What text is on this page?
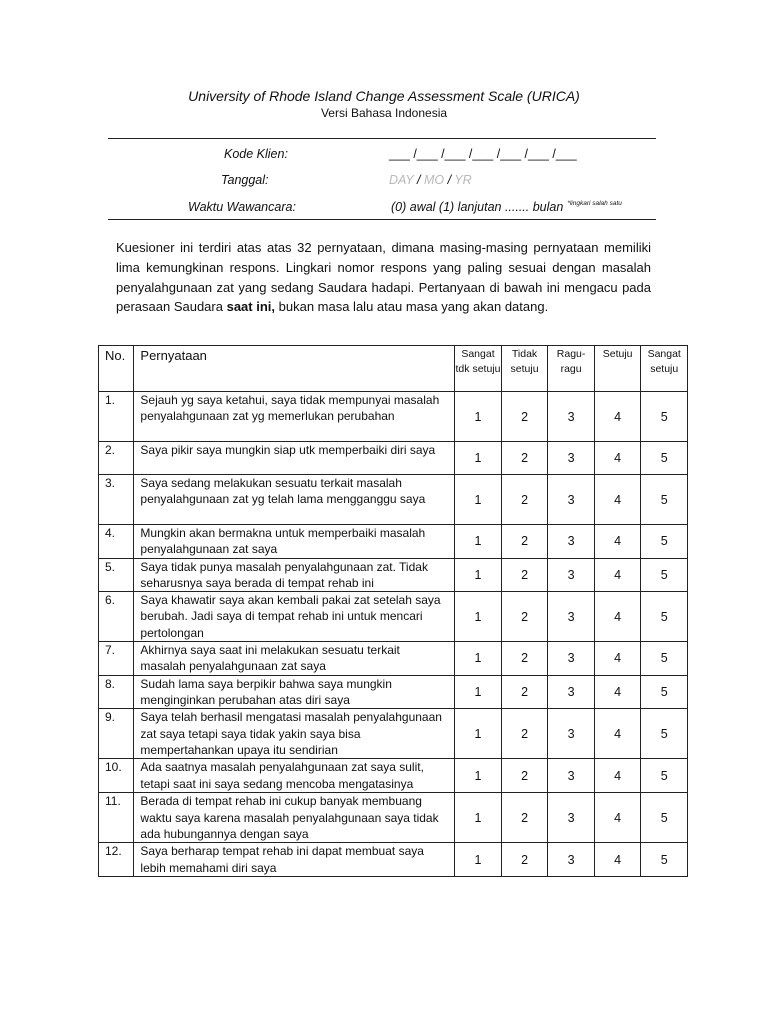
University of Rhode Island Change Assessment Scale (URICA)
Versi Bahasa Indonesia
Kode Klien:	___ /___ /___ /___ /___ /___ /___
Tanggal:	DAY / MO / YR
Waktu Wawancara:	(0) awal (1) lanjutan ....... bulan $^{*lingkari salah satu}$
Kuesioner ini terdiri atas atas 32 pernyataan, dimana masing-masing pernyataan memiliki lima kemungkinan respons. Lingkari nomor respons yang paling sesuai dengan masalah penyalahgunaan zat yang sedang Saudara hadapi. Pertanyaan di bawah ini mengacu pada perasaan Saudara saat ini, bukan masa lalu atau masa yang akan datang.
No.	Pernyataan	Sangat tdk setuju	Tidak setuju	Ragu-ragu	Setuju	Sangat setuju
1.	Sejauh yg saya ketahui, saya tidak mempunyai masalah penyalahgunaan zat yg memerlukan perubahan	1	2	3	4	5
2.	Saya pikir saya mungkin siap utk memperbaiki diri saya	1	2	3	4	5
3.	Saya sedang melakukan sesuatu terkait masalah penyalahgunaan zat yg telah lama mengganggu saya	1	2	3	4	5
4.	Mungkin akan bermakna untuk memperbaiki masalah penyalahgunaan zat saya	1	2	3	4	5
5.	Saya tidak punya masalah penyalahgunaan zat. Tidak seharusnya saya berada di tempat rehab ini	1	2	3	4	5
6.	Saya khawatir saya akan kembali pakai zat setelah saya berubah. Jadi saya di tempat rehab ini untuk mencari pertolongan	1	2	3	4	5
7.	Akhirnya saya saat ini melakukan sesuatu terkait masalah penyalahgunaan zat saya	1	2	3	4	5
8.	Sudah lama saya berpikir bahwa saya mungkin menginginkan perubahan atas diri saya	1	2	3	4	5
9.	Saya telah berhasil mengatasi masalah penyalahgunaan zat saya tetapi saya tidak yakin saya bisa mempertahankan upaya itu sendirian	1	2	3	4	5
10.	Ada saatnya masalah penyalahgunaan zat saya sulit, tetapi saat ini saya sedang mencoba mengatasinya	1	2	3	4	5
11.	Berada di tempat rehab ini cukup banyak membuang waktu saya karena masalah penyalahgunaan saya tidak ada hubungannya dengan saya	1	2	3	4	5
12.	Saya berharap tempat rehab ini dapat membuat saya lebih memahami diri saya	1	2	3	4	5
